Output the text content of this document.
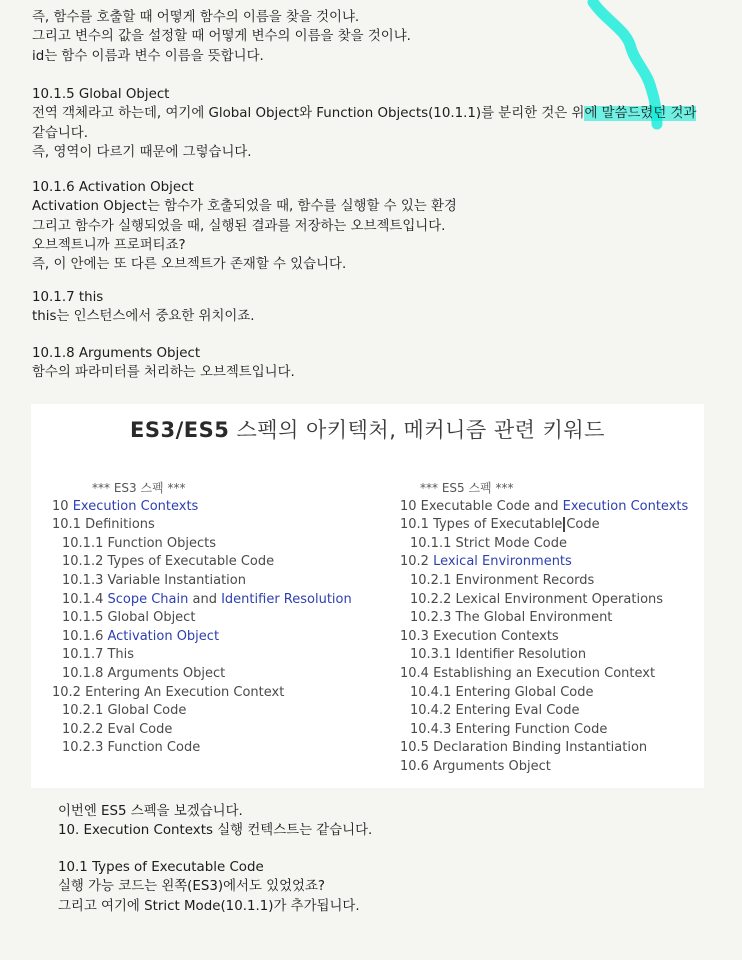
즉, 함수를 호출할 때 어떻게 함수의 이름을 찾을 것이냐.
그리고 변수의 값을 설정할 때 어떻게 변수의 이름을 찾을 것이냐.
id는 함수 이름과 변수 이름을 뜻합니다.
10.1.5 Global Object
전역 객체라고 하는데, 여기에 Global Object와 Function Objects(10.1.1)를 분리한 것은 위에 말씀드렸던 것과
같습니다.
즉, 영역이 다르기 때문에 그렇습니다.
10.1.6 Activation Object
Activation Object는 함수가 호출되었을 때, 함수를 실행할 수 있는 환경
그리고 함수가 실행되었을 때, 실행된 결과를 저장하는 오브젝트입니다.
오브젝트니까 프로퍼티죠?
즉, 이 안에는 또 다른 오브젝트가 존재할 수 있습니다.
10.1.7 this
this는 인스턴스에서 중요한 위치이죠.
10.1.8 Arguments Object
함수의 파라미터를 처리하는 오브젝트입니다.
ES3/ES5 스펙의 아키텍처, 메커니즘 관련 키워드
*** ES3 스펙 ***
10 Execution Contexts
10.1 Definitions
10.1.1 Function Objects
10.1.2 Types of Executable Code
10.1.3 Variable Instantiation
10.1.4 Scope Chain and Identifier Resolution
10.1.5 Global Object
10.1.6 Activation Object
10.1.7 This
10.1.8 Arguments Object
10.2 Entering An Execution Context
10.2.1 Global Code
10.2.2 Eval Code
10.2.3 Function Code
*** ES5 스펙 ***
10 Executable Code and Execution Contexts
10.1 Types of Executable Code
10.1.1 Strict Mode Code
10.2 Lexical Environments
10.2.1 Environment Records
10.2.2 Lexical Environment Operations
10.2.3 The Global Environment
10.3 Execution Contexts
10.3.1 Identifier Resolution
10.4 Establishing an Execution Context
10.4.1 Entering Global Code
10.4.2 Entering Eval Code
10.4.3 Entering Function Code
10.5 Declaration Binding Instantiation
10.6 Arguments Object
이번엔 ES5 스펙을 보겠습니다.
10. Execution Contexts 실행 컨텍스트는 같습니다.
10.1 Types of Executable Code
실행 가능 코드는 왼쪽(ES3)에서도 있었었죠?
그리고 여기에 Strict Mode(10.1.1)가 추가됩니다.
